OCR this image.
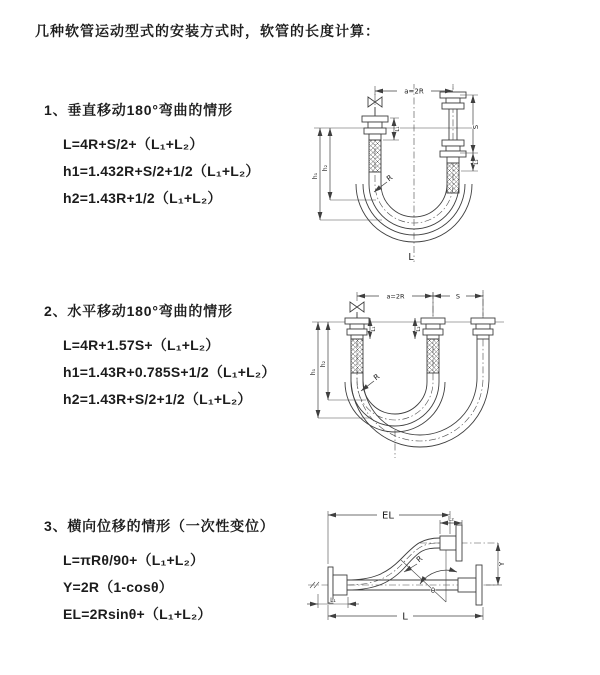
几种软管运动型式的安装方式时，软管的长度计算：
1、垂直移动180°弯曲的情形
L=4R+S/2+（L₁+L₂）
h1=1.432R+S/2+1/2（L₁+L₂）
h2=1.43R+1/2（L₁+L₂）
2、水平移动180°弯曲的情形
L=4R+1.57S+（L₁+L₂）
h1=1.43R+0.785S+1/2（L₁+L₂）
h2=1.43R+S/2+1/2（L₁+L₂）
3、横向位移的情形（一次性变位）
L=πRθ/90+（L₁+L₂）
Y=2R（1-cosθ）
EL=2Rsinθ+（L₁+L₂）
a=2R
S
L₂
L₁
h₁
h₂
R
L
a=2R	S
L₁	L₂
h₁
h₂
R
EL	L₂
Y
L
L₁
R
θ
